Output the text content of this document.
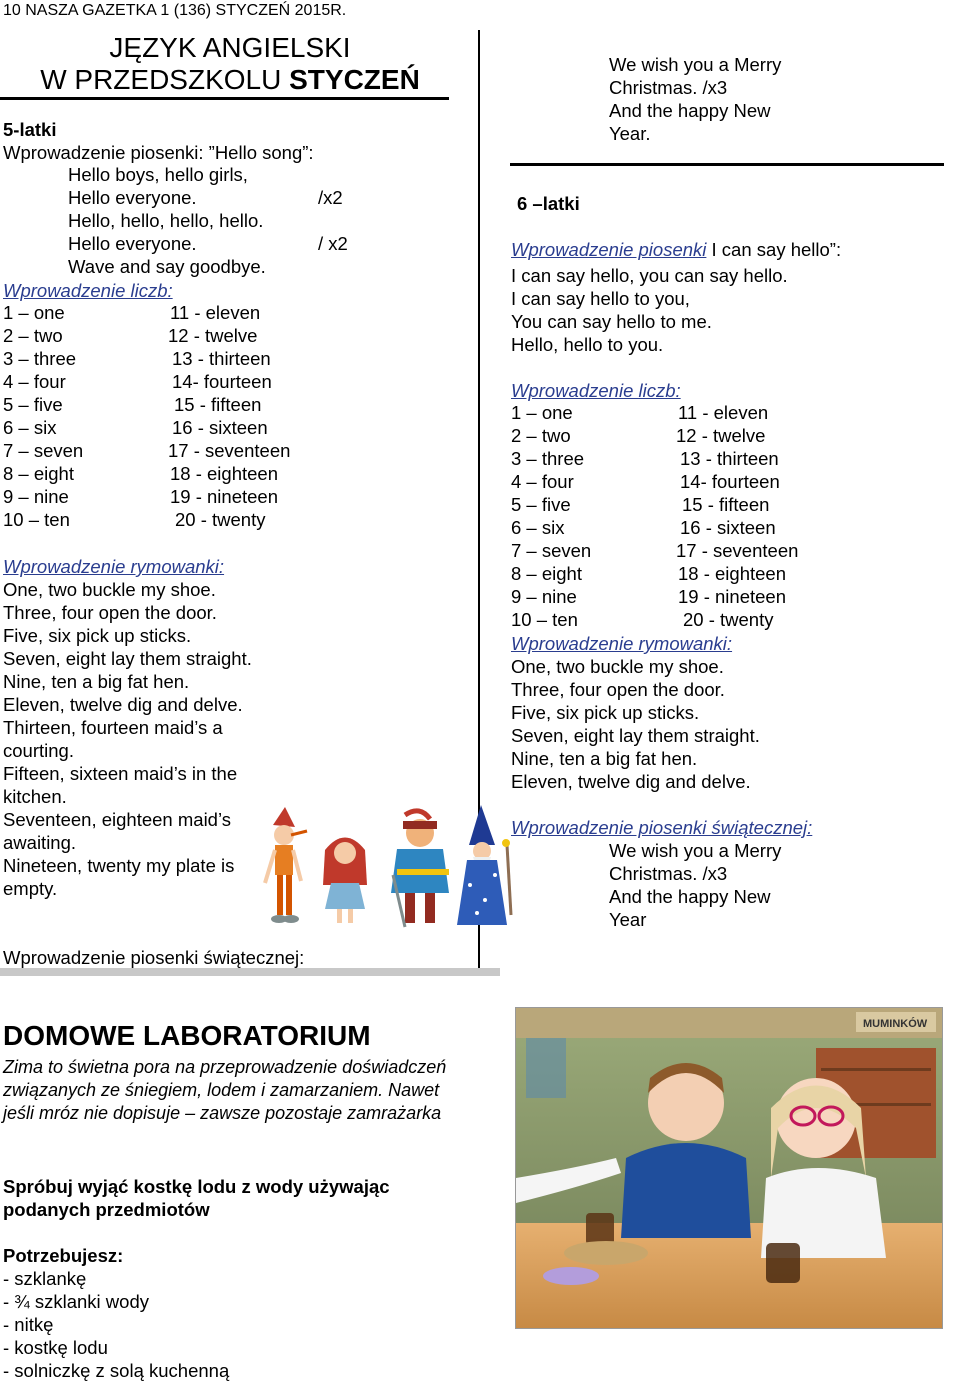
10 NASZA GAZETKA 1 (136) STYCZEŃ 2015R.
JĘZYK ANGIELSKI
W PRZEDSZKOLU STYCZEŃ
5-latki
Wprowadzenie piosenki: ”Hello song”:
Hello boys, hello girls,
Hello everyone.	/x2
Hello, hello, hello, hello.
Hello everyone.	/ x2
Wave and say goodbye.
Wprowadzenie liczb:
1 – one	11 - eleven
2 – two	12 - twelve
3 – three	13 - thirteen
4 – four	14- fourteen
5 – five	15 - fifteen
6 – six	16 - sixteen
7 – seven	17 - seventeen
8 – eight	18 - eighteen
9 – nine	19 - nineteen
10 – ten	20 - twenty
Wprowadzenie rymowanki:
One, two buckle my shoe.
Three, four open the door.
Five, six pick up sticks.
Seven, eight lay them straight.
Nine, ten a big fat hen.
Eleven, twelve dig and delve.
Thirteen, fourteen maid’s a
courting.
Fifteen, sixteen maid’s in the
kitchen.
Seventeen, eighteen maid’s
awaiting.
Nineteen, twenty my plate is
empty.
Wprowadzenie piosenki świątecznej:
We wish you a Merry
Christmas. /x3
And the happy New
Year.
6 –latki
Wprowadzenie piosenki I can say hello”:
I can say hello, you can say hello.
I can say hello to you,
You can say hello to me.
Hello, hello to you.
Wprowadzenie liczb:
1 – one	11 - eleven
2 – two	12 - twelve
3 – three	13 - thirteen
4 – four	14- fourteen
5 – five	15 - fifteen
6 – six	16 - sixteen
7 – seven	17 - seventeen
8 – eight	18 - eighteen
9 – nine	19 - nineteen
10 – ten	20 - twenty
Wprowadzenie rymowanki:
One, two buckle my shoe.
Three, four open the door.
Five, six pick up sticks.
Seven, eight lay them straight.
Nine, ten a big fat hen.
Eleven, twelve dig and delve.
Wprowadzenie piosenki świątecznej:
We wish you a Merry
Christmas. /x3
And the happy New
Year
DOMOWE LABORATORIUM
Zima to świetna pora na przeprowadzenie doświadczeń
związanych ze śniegiem, lodem i zamarzaniem. Nawet
jeśli mróz nie dopisuje – zawsze pozostaje zamrażarka
Spróbuj wyjąć kostkę lodu z wody używając
podanych przedmiotów
Potrzebujesz:
- szklankę
- ¾ szklanki wody
- nitkę
- kostkę lodu
- solniczkę z solą kuchenną
MUMINKÓW
